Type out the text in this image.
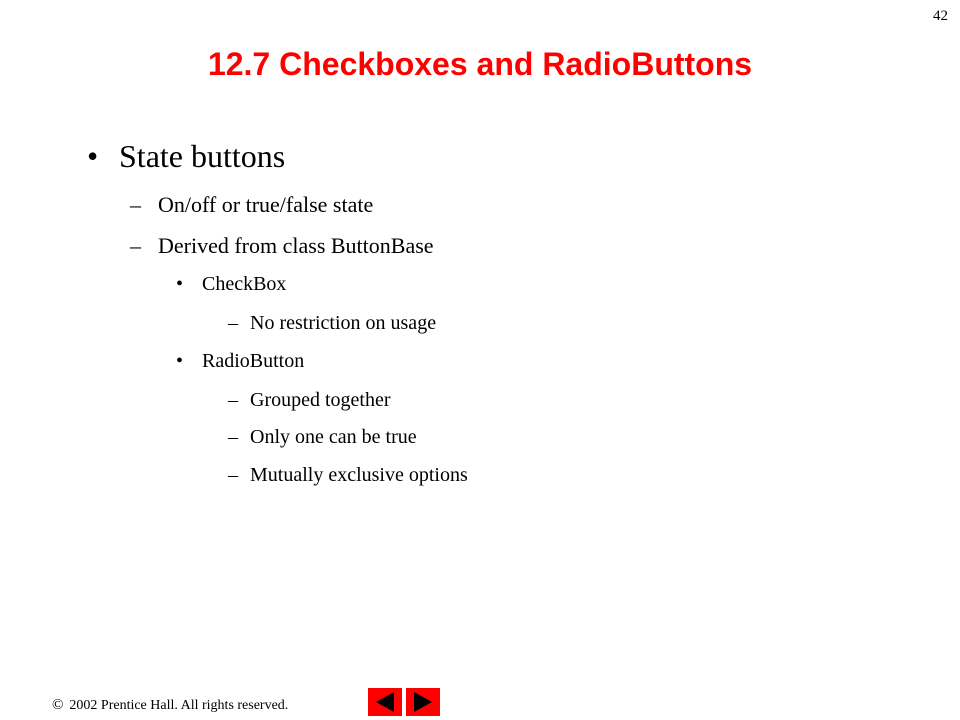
42
12.7 Checkboxes and RadioButtons
• State buttons
– On/off or true/false state
– Derived from class ButtonBase
• CheckBox
– No restriction on usage
• RadioButton
– Grouped together
– Only one can be true
– Mutually exclusive options
© 2002 Prentice Hall. All rights reserved.
